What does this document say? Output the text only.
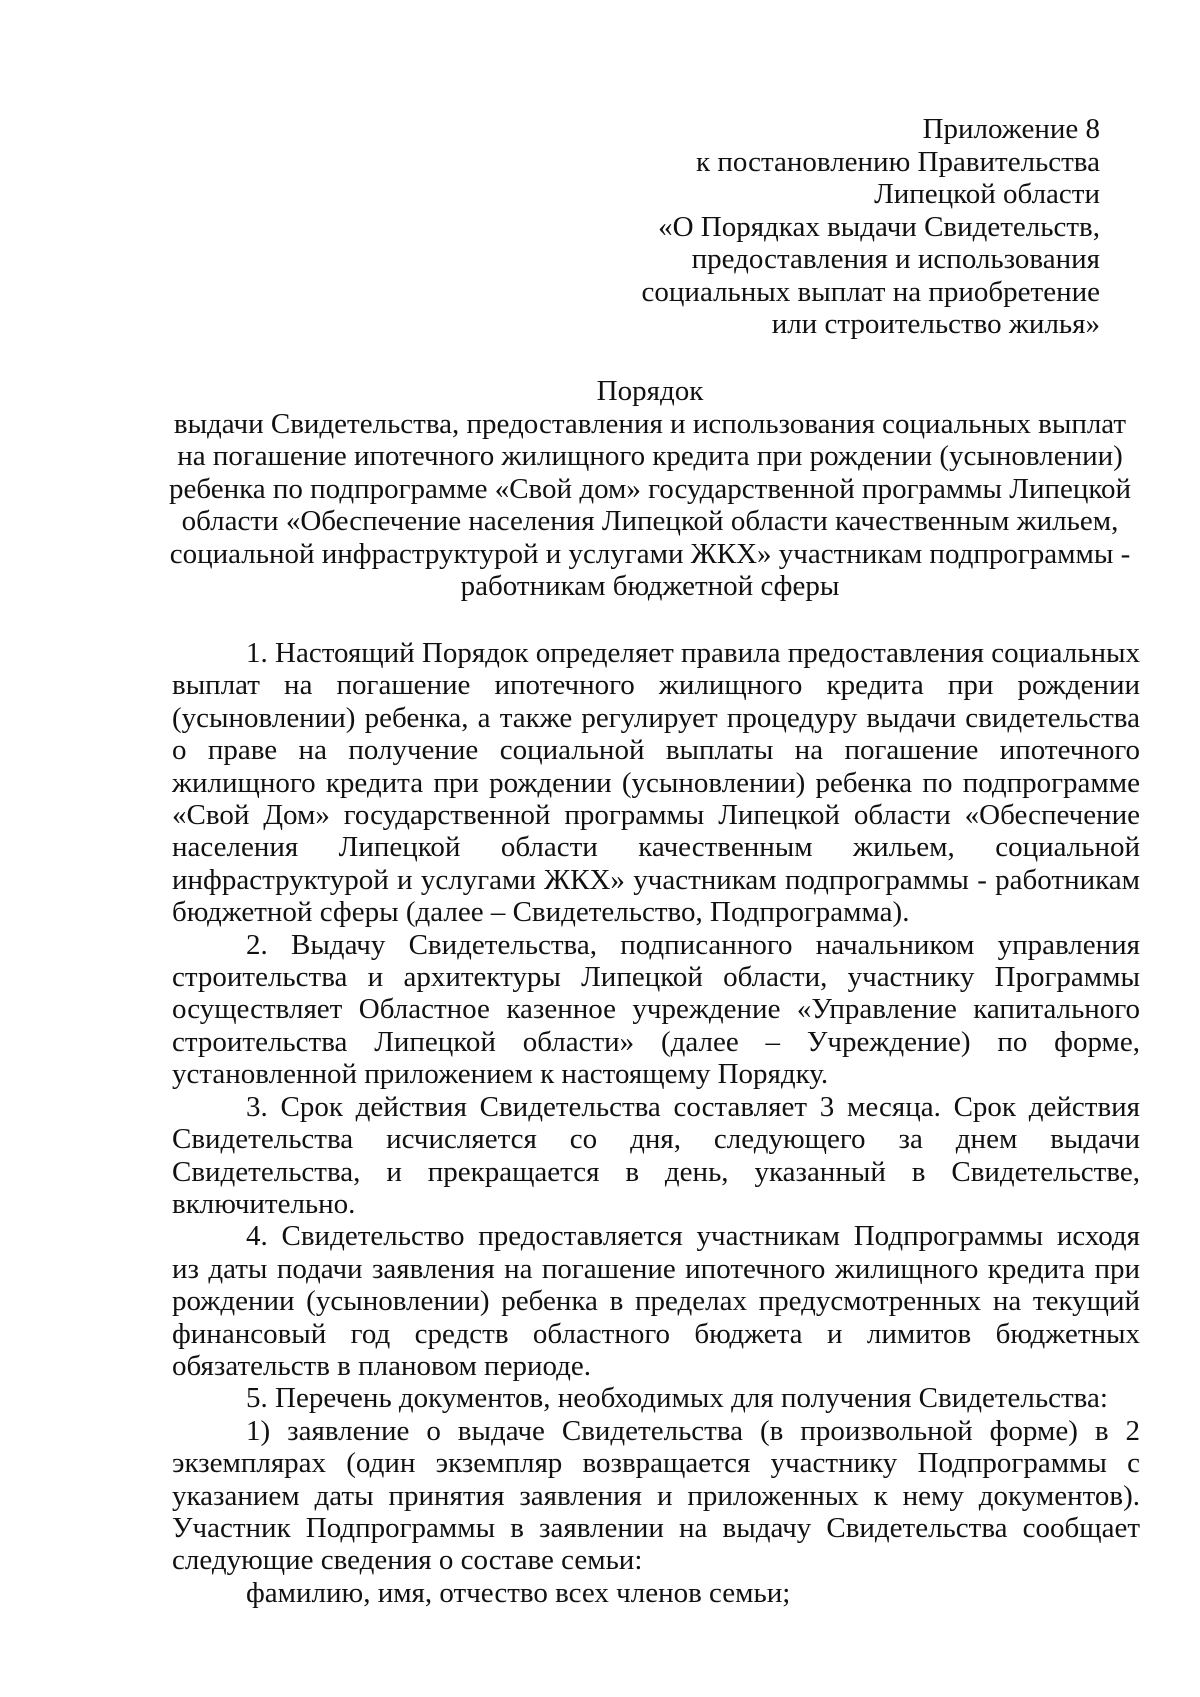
Приложение 8
к постановлению Правительства
Липецкой области
«О Порядках выдачи Свидетельств,
предоставления и использования
социальных выплат на приобретение
или строительство жилья»
Порядок
выдачи Свидетельства, предоставления и использования социальных выплат
на погашение ипотечного жилищного кредита при рождении (усыновлении)
ребенка по подпрограмме «Свой дом» государственной программы Липецкой
области «Обеспечение населения Липецкой области качественным жильем,
социальной инфраструктурой и услугами ЖКХ» участникам подпрограммы -
работникам бюджетной сферы

1. Настоящий Порядок определяет правила предоставления социальных выплат на погашение ипотечного жилищного кредита при рождении (усыновлении) ребенка, а также регулирует процедуру выдачи свидетельства о праве на получение социальной выплаты на погашение ипотечного жилищного кредита при рождении (усыновлении) ребенка по подпрограмме «Свой Дом» государственной программы Липецкой области «Обеспечение населения Липецкой области качественным жильем, социальной инфраструктурой и услугами ЖКХ» участникам подпрограммы - работникам бюджетной сферы (далее – Свидетельство, Подпрограмма).

2. Выдачу Свидетельства, подписанного начальником управления строительства и архитектуры Липецкой области, участнику Программы осуществляет Областное казенное учреждение «Управление капитального строительства Липецкой области» (далее – Учреждение) по форме, установленной приложением к настоящему Порядку.

3. Срок действия Свидетельства составляет 3 месяца. Срок действия Свидетельства исчисляется со дня, следующего за днем выдачи Свидетельства, и прекращается в день, указанный в Свидетельстве, включительно.

4. Свидетельство предоставляется участникам Подпрограммы исходя из даты подачи заявления на погашение ипотечного жилищного кредита при рождении (усыновлении) ребенка в пределах предусмотренных на текущий финансовый год средств областного бюджета и лимитов бюджетных обязательств в плановом периоде.

5. Перечень документов, необходимых для получения Свидетельства:

1) заявление о выдаче Свидетельства (в произвольной форме) в 2 экземплярах (один экземпляр возвращается участнику Подпрограммы с указанием даты принятия заявления и приложенных к нему документов). Участник Подпрограммы в заявлении на выдачу Свидетельства сообщает следующие сведения о составе семьи:

фамилию, имя, отчество всех членов семьи;
